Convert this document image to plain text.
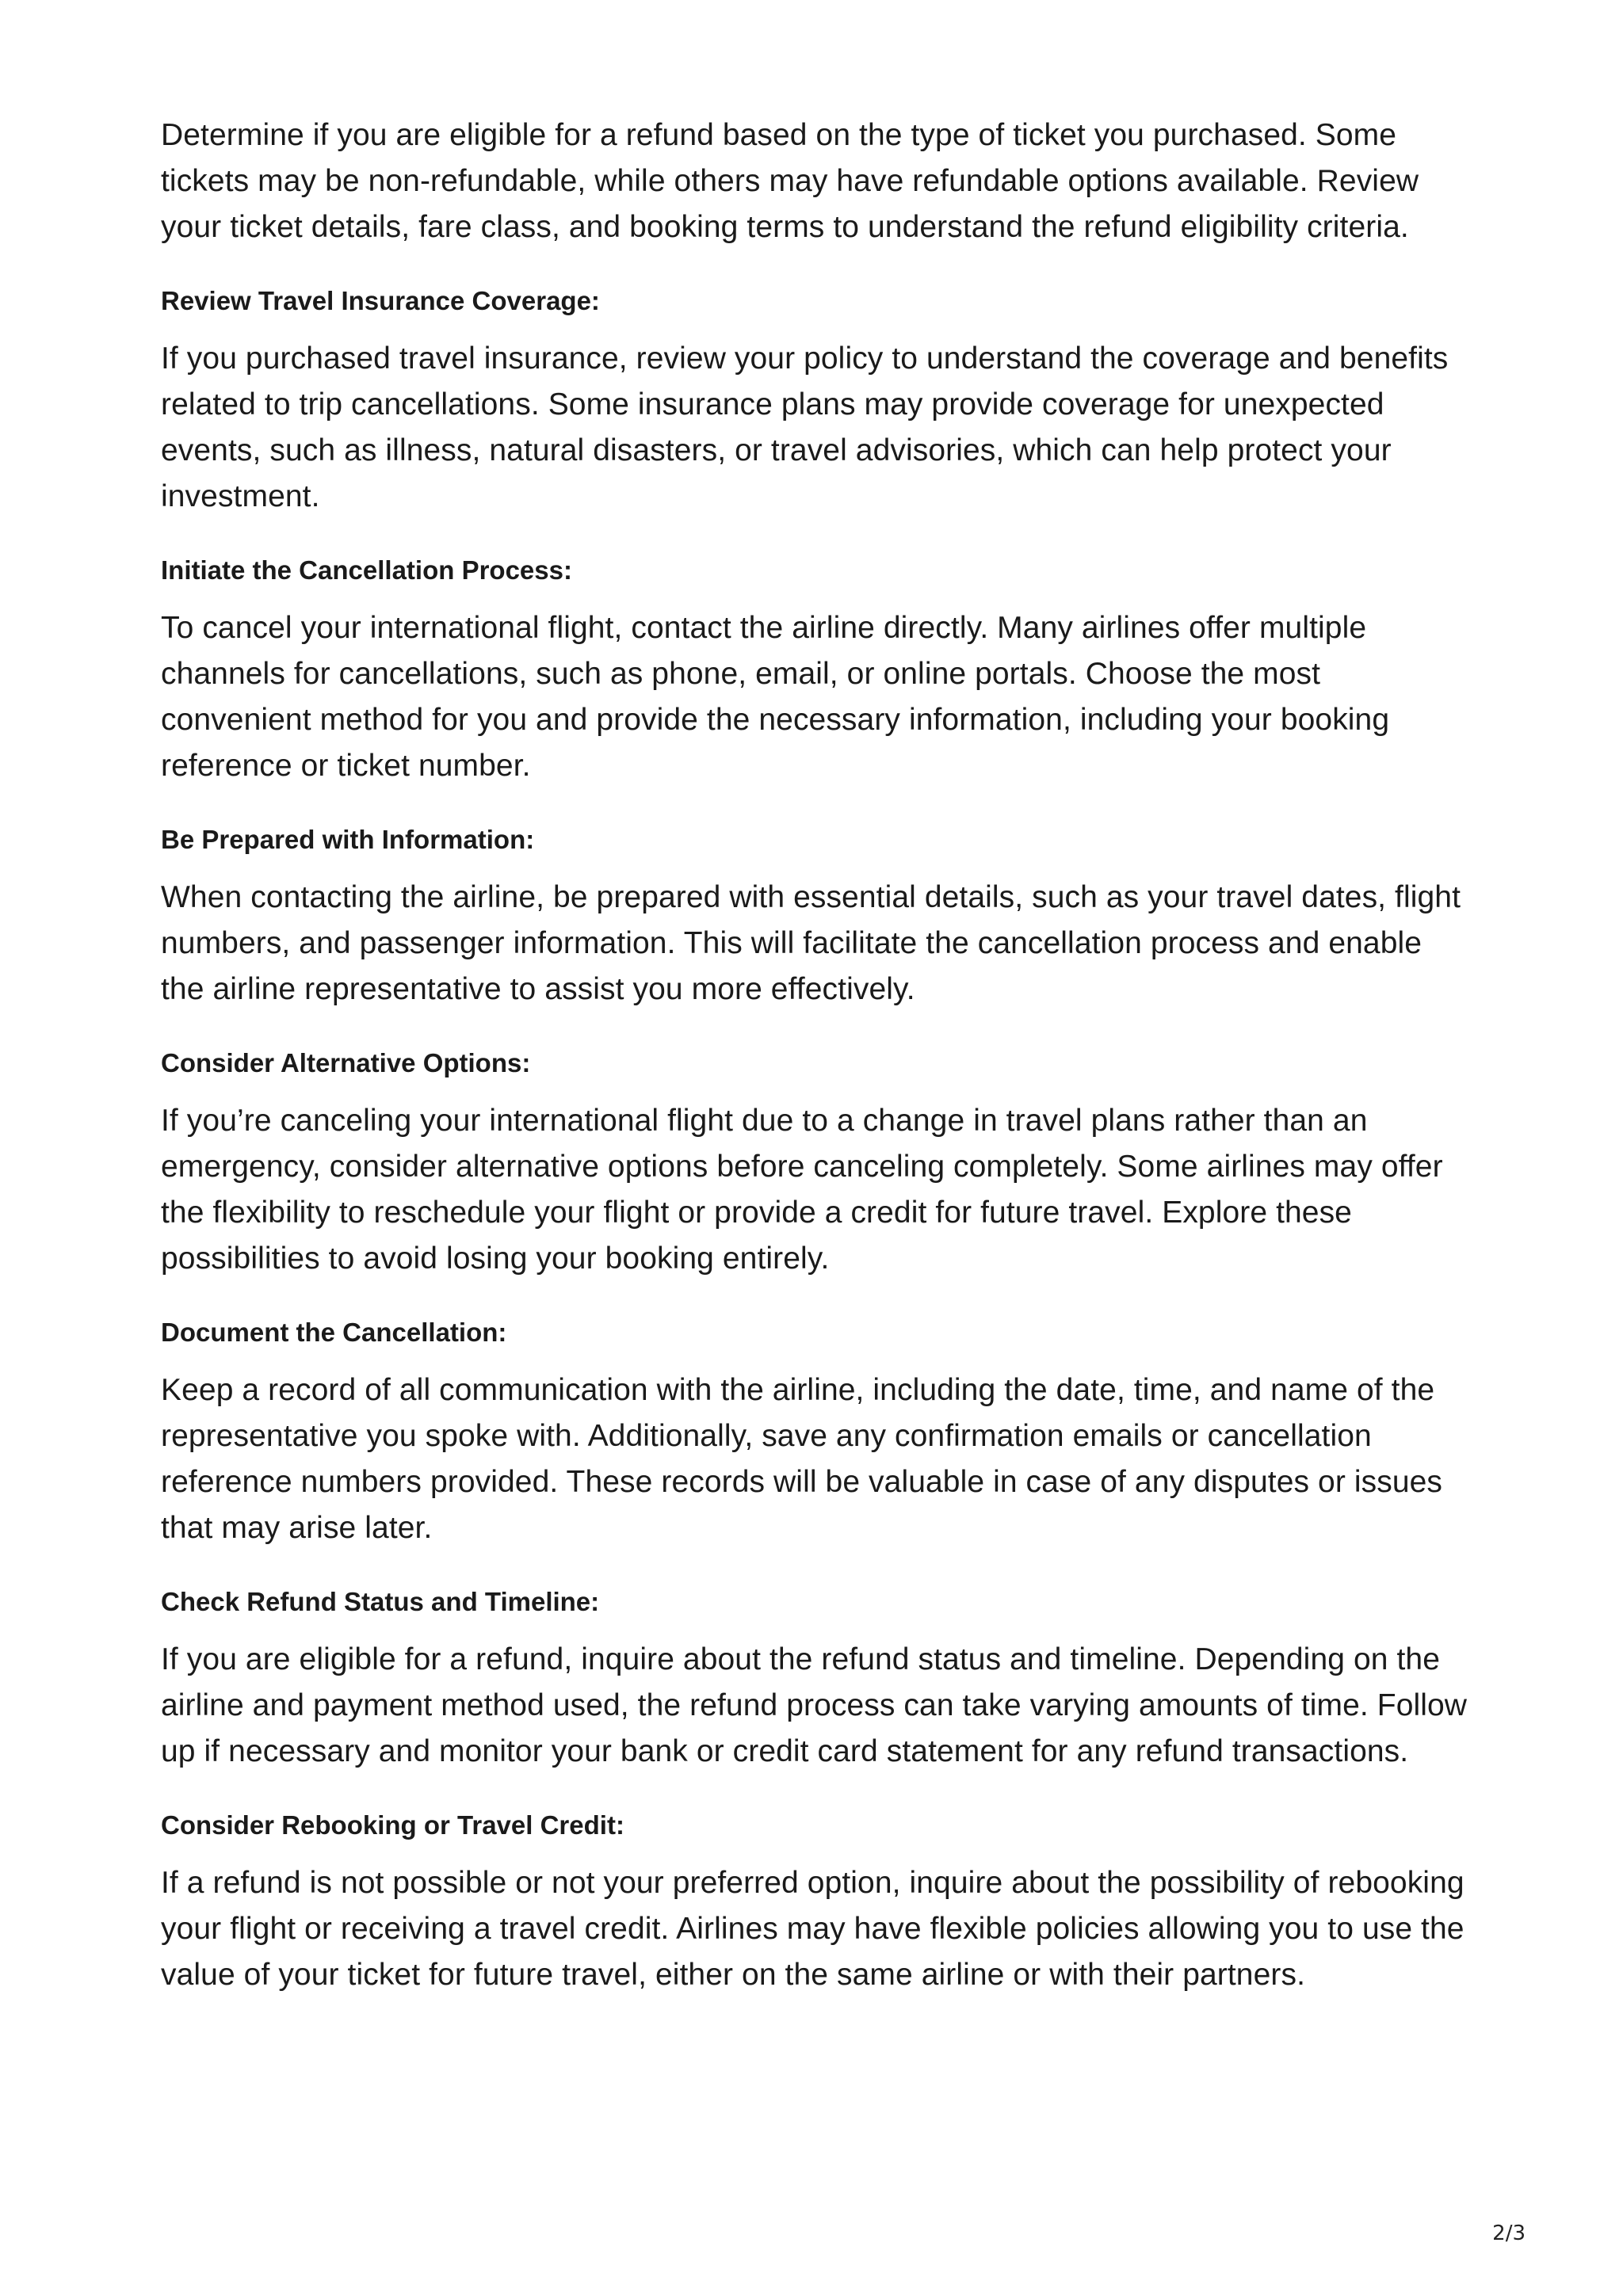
Determine if you are eligible for a refund based on the type of ticket you purchased. Some tickets may be non-refundable, while others may have refundable options available. Review your ticket details, fare class, and booking terms to understand the refund eligibility criteria.

Review Travel Insurance Coverage:

If you purchased travel insurance, review your policy to understand the coverage and benefits related to trip cancellations. Some insurance plans may provide coverage for unexpected events, such as illness, natural disasters, or travel advisories, which can help protect your investment.

Initiate the Cancellation Process:

To cancel your international flight, contact the airline directly. Many airlines offer multiple channels for cancellations, such as phone, email, or online portals. Choose the most convenient method for you and provide the necessary information, including your booking reference or ticket number.

Be Prepared with Information:

When contacting the airline, be prepared with essential details, such as your travel dates, flight numbers, and passenger information. This will facilitate the cancellation process and enable the airline representative to assist you more effectively.

Consider Alternative Options:

If you’re canceling your international flight due to a change in travel plans rather than an emergency, consider alternative options before canceling completely. Some airlines may offer the flexibility to reschedule your flight or provide a credit for future travel. Explore these possibilities to avoid losing your booking entirely.

Document the Cancellation:

Keep a record of all communication with the airline, including the date, time, and name of the representative you spoke with. Additionally, save any confirmation emails or cancellation reference numbers provided. These records will be valuable in case of any disputes or issues that may arise later.

Check Refund Status and Timeline:

If you are eligible for a refund, inquire about the refund status and timeline. Depending on the airline and payment method used, the refund process can take varying amounts of time. Follow up if necessary and monitor your bank or credit card statement for any refund transactions.

Consider Rebooking or Travel Credit:

If a refund is not possible or not your preferred option, inquire about the possibility of rebooking your flight or receiving a travel credit. Airlines may have flexible policies allowing you to use the value of your ticket for future travel, either on the same airline or with their partners.

2/3
